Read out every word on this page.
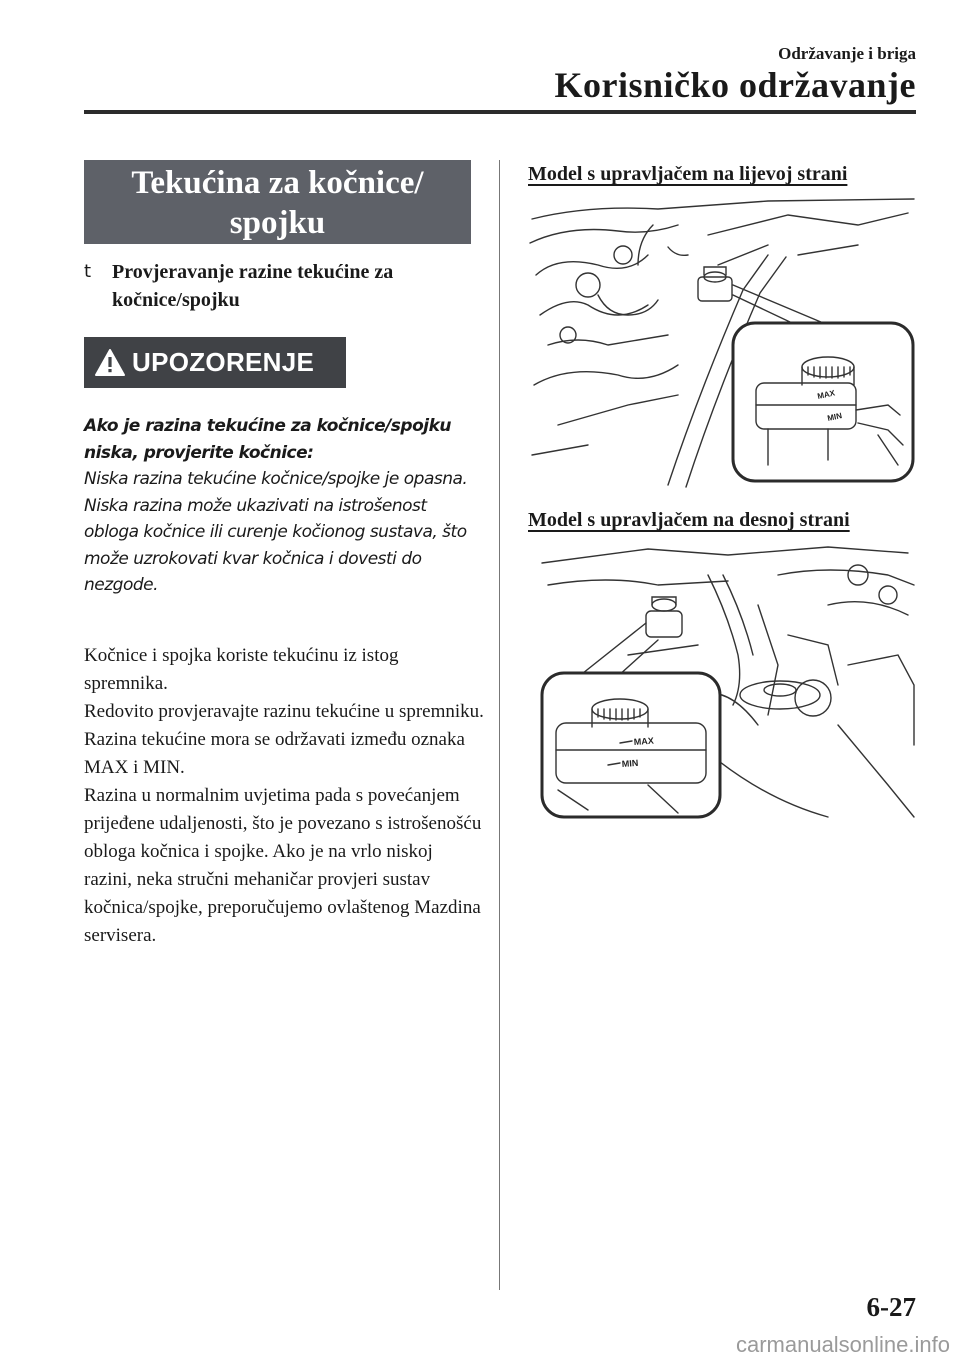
Održavanje i briga
Korisničko održavanje
Tekućina za kočnice/
spojku
t	Provjeravanje razine tekućine za kočnice/spojku
UPOZORENJE
Ako je razina tekućine za kočnice/spojku niska, provjerite kočnice:
Niska razina tekućine kočnice/spojke je opasna.
Niska razina može ukazivati na istrošenost obloga kočnice ili curenje kočionog sustava, što može uzrokovati kvar kočnica i dovesti do nezgode.
Kočnice i spojka koriste tekućinu iz istog spremnika.
Redovito provjeravajte razinu tekućine u spremniku. Razina tekućine mora se održavati između oznaka MAX i MIN.
Razina u normalnim uvjetima pada s povećanjem prijeđene udaljenosti, što je povezano s istrošenošću obloga kočnica i spojke. Ako je na vrlo niskoj razini, neka stručni mehaničar provjeri sustav kočnica/spojke, preporučujemo ovlaštenog Mazdina servisera.
Model s upravljačem na lijevoj strani
MAX
MIN
Model s upravljačem na desnoj strani
MAX
MIN
6-27
carmanualsonline.info
